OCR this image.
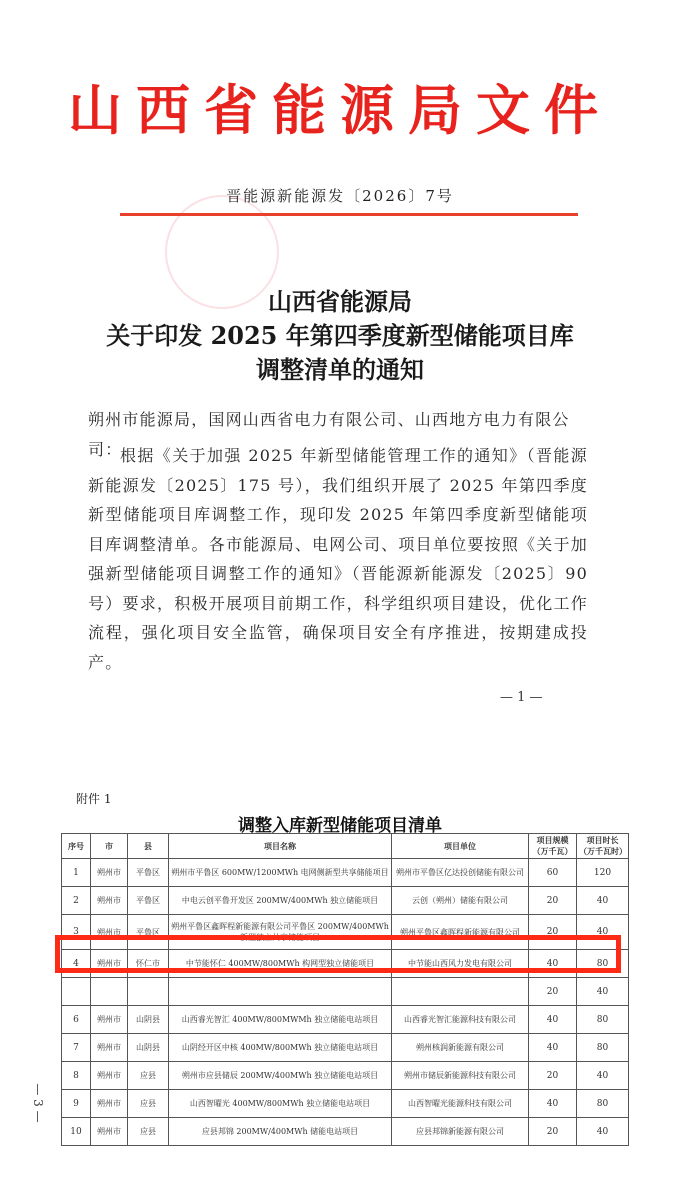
山西省能源局文件
晋能源新能源发〔2026〕7号
山西省能源局
关于印发 2025 年第四季度新型储能项目库
调整清单的通知
朔州市能源局，国网山西省电力有限公司、山西地方电力有限公司：
根据《关于加强 2025 年新型储能管理工作的通知》（晋能源新能源发〔2025〕175 号），我们组织开展了 2025 年第四季度新型储能项目库调整工作，现印发 2025 年第四季度新型储能项目库调整清单。各市能源局、电网公司、项目单位要按照《关于加强新型储能项目调整工作的通知》（晋能源新能源发〔2025〕90 号）要求，积极开展项目前期工作，科学组织项目建设，优化工作流程，强化项目安全监管，确保项目安全有序推进，按期建成投产。
— 1 —
附件 1
调整入库新型储能项目清单
序号	市	县	项目名称	项目单位	项目规模（万千瓦）	项目时长（万千瓦时）
1	朔州市	平鲁区	朔州市平鲁区 600MW/1200MWh 电网侧新型共享储能项目	朔州市平鲁区亿达投创储能有限公司	60	120
2	朔州市	平鲁区	中电云创平鲁开发区 200MW/400MWh 独立储能项目	云创（朔州）储能有限公司	20	40
3	朔州市	平鲁区	朔州平鲁区鑫晖程新能源有限公司平鲁区 200MW/400MWh 新型独立共享储能项目	朔州平鲁区鑫晖程新能源有限公司	20	40
4	朔州市	怀仁市	中节能怀仁 400MW/800MWh 构网型独立储能项目	中节能山西风力发电有限公司	40	80
					20	40
6	朔州市	山阴县	山西睿光智汇 400MW/800MWMh 独立储能电站项目	山西睿光智汇能源科技有限公司	40	80
7	朔州市	山阴县	山阴经开区中核 400MW/800MWh 独立储能电站项目	朔州核润新能源有限公司	40	80
8	朔州市	应县	朔州市应县储辰 200MW/400MWh 独立储能电站项目	朔州市储辰新能源科技有限公司	20	40
9	朔州市	应县	山西智曜光 400MW/800MWh 独立储能电站项目	山西智曜光能源科技有限公司	40	80
10	朔州市	应县	应县邦锦 200MW/400MWh 储能电站项目	应县邦锦新能源有限公司	20	40
— 3 —
